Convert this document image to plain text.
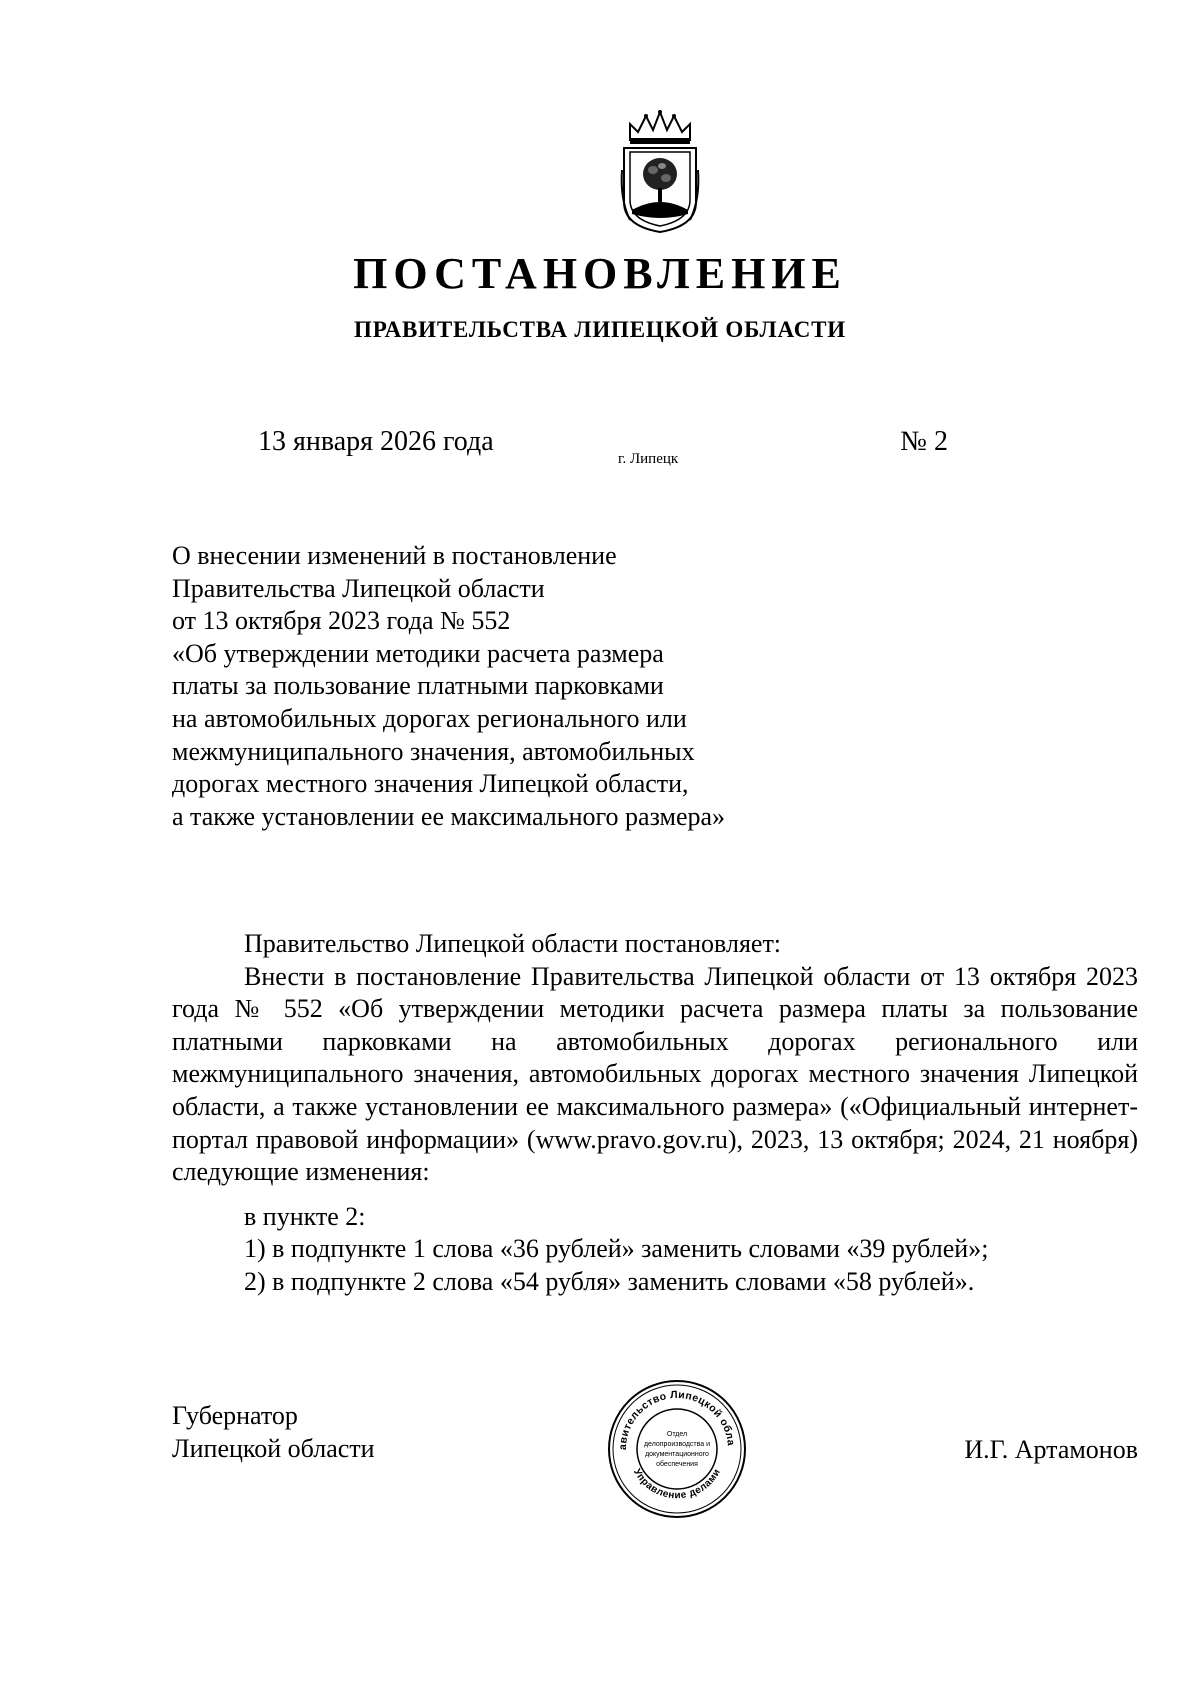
ПОСТАНОВЛЕНИЕ
ПРАВИТЕЛЬСТВА ЛИПЕЦКОЙ ОБЛАСТИ
13 января 2026 года
г. Липецк
№ 2
О внесении изменений в постановление
Правительства Липецкой области
от 13 октября 2023 года № 552
«Об утверждении методики расчета размера
платы за пользование платными парковками
на автомобильных дорогах регионального или
межмуниципального значения, автомобильных
дорогах местного значения Липецкой области,
а также установлении ее максимального размера»

Правительство Липецкой области постановляет:

Внести в постановление Правительства Липецкой области от 13 октября 2023 года № 552 «Об утверждении методики расчета размера платы за пользование платными парковками на автомобильных дорогах регионального или межмуниципального значения, автомобильных дорогах местного значения Липецкой области, а также установлении ее максимального размера» («Официальный интернет-портал правовой информации» (www.pravo.gov.ru), 2023, 13 октября; 2024, 21 ноября) следующие изменения:

в пункте 2:

1) в подпункте 1 слова «36 рублей» заменить словами «39 рублей»;

2) в подпункте 2 слова «54 рубля» заменить словами «58 рублей».

Губернатор
Липецкой области	И.Г. Артамонов
авительство Липецкой обла
Управление делами
Отдел
делопроизводства и
документационного
обеспечения
